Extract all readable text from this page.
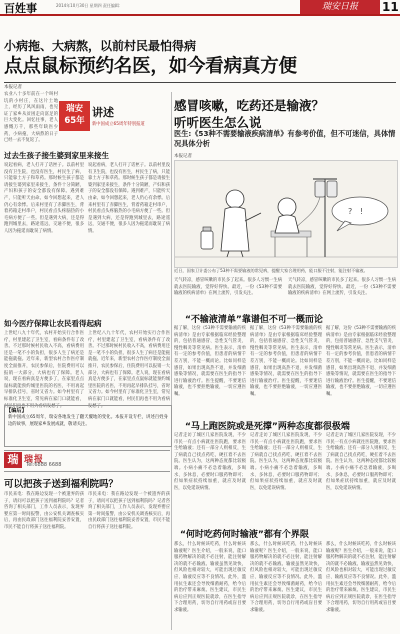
百姓事	2014年10月30日 星期四 责任编辑：	瑞安日报	11
小病拖、大病熬，以前村民最怕得病
点点鼠标预约名医，如今看病真方便
本报记者
农业八十多年前在一个叫村坑的小村庄，在这片土地上，经历了风风雨雨，也见证了家乡从贫困走向富足的巨大变化。回忆往事，老人感慨万千，那些年缺医少药，小病拖、大病熬的日子已经一去不复返了。
瑞安
65年
讲述
新中国成立65周年特别报道
过去生孩子接生婆到家里来接生
说起看病，老人打开了话匣子。以前村里没有卫生院，也没有医生，村民生了病，只能靠土方子和草药。那时候生孩子都是请接生婆到家里来接生，条件十分简陋，产妇和孩子的安全都没有保障。遇到难产，只能听天由命。如今回想起来，老人仍心有余悸。后来村里有了赤脚医生，背着药箱走村串户，村民看点头疼脑热的小毛病方便了一些。但是遇到大病，还是得跑到城里去，路途遥远，交通不便，很多人因为拖延而耽误了病情。
说起看病，老人打开了话匣子。以前村里没有卫生院，也没有医生，村民生了病，只能靠土方子和草药。那时候生孩子都是请接生婆到家里来接生，条件十分简陋，产妇和孩子的安全都没有保障。遇到难产，只能听天由命。如今回想起来，老人仍心有余悸。后来村里有了赤脚医生，背着药箱走村串户，村民看点头疼脑热的小毛病方便了一些。但是遇到大病，还是得跑到城里去，路途遥远，交通不便，很多人因为拖延而耽误了病情。
如今医疗保障让农民看得起病
上世纪八九十年代，农村开始实行合作医疗，村里建起了卫生室，看病条件有了改善。不过那时候村民收入不高，看病费用还是一笔不小的负担，很多人生了病还是能拖就拖。近年来，新型农村合作医疗制度全面推开，农民参保后，住院费用可以报销一大部分，大病也有了保障。老人说，现在看病真是方便多了，在家里点点鼠标就能预约城里医院的名医，不用再起早排队挂号，省时又省力。如今村里有了标准化卫生室，常见病在家门口就能看，村民们再也不用为看病发愁了。
上世纪八九十年代，农村开始实行合作医疗，村里建起了卫生室，看病条件有了改善。不过那时候村民收入不高，看病费用还是一笔不小的负担，很多人生了病还是能拖就拖。近年来，新型农村合作医疗制度全面推开，农民参保后，住院费用可以报销一大部分，大病也有了保障。老人说，现在看病真是方便多了，在家里点点鼠标就能预约城里医院的名医，不用再起早排队挂号，省时又省力。如今村里有了标准化卫生室，常见病在家门口就能看，村民们再也不用为看病发愁了。
【编后】
新中国成立65周年，瑞安各地发生了翻天覆地的变化。本报开设专栏，讲述百姓身边的故事，展现家乡发展成就，敬请关注。
瑞 瑞报
Tel:6888 6688
可以把孩子送到福利院吗？
市民来电：我在路边发现一个被遗弃的孩子，请问可以把孩子送到福利院吗？记者咨询了相关部门，工作人员表示，发现弃婴应第一时间报警，由公安机关调查核实后，再由民政部门送往福利院妥善安置，市民不能自行将孩子送往福利院。
市民来电：我在路边发现一个被遗弃的孩子，请问可以把孩子送到福利院吗？记者咨询了相关部门，工作人员表示，发现弃婴应第一时间报警，由公安机关调查核实后，再由民政部门送往福利院妥善安置，市民不能自行将孩子送往福利院。
感冒咳嗽，吃药还是输液？
听听医生怎么说
医生:《53种不需要输液疾病清单》有参考价值，但不可迷信，具体情况具体分析
本报记者
? !
近日，国家卫计委公布了53种不需要输液的常见病，提醒大家合理用药，能口服不注射，能注射不输液。
天气转凉，感冒咳嗽的市民多了起来。很多人习惯一生病就去医院输液，觉得好得快。最近，一份《53种不需要输液的疾病清单》在网上流传，引发关注。
天气转凉，感冒咳嗽的市民多了起来。很多人习惯一生病就去医院输液，觉得好得快。最近，一份《53种不需要输液的疾病清单》在网上流传，引发关注。
“不输液清单”靠谱但不可一概而论
据了解，这份《53种不需要输液的疾病清单》是由专家根据临床经验整理的，包括普通感冒、急性支气管炎、慢性咽炎等常见病。医生表示，清单有一定的参考价值，但患者的病情千差万别，不能一概而论。比如同样是感冒，如果出现高热不退、并发细菌感染等情况，就需要在医生的指导下进行输液治疗。医生提醒，不要迷信输液，也不要拒绝输液，一切应遵医嘱。
据了解，这份《53种不需要输液的疾病清单》是由专家根据临床经验整理的，包括普通感冒、急性支气管炎、慢性咽炎等常见病。医生表示，清单有一定的参考价值，但患者的病情千差万别，不能一概而论。比如同样是感冒，如果出现高热不退、并发细菌感染等情况，就需要在医生的指导下进行输液治疗。医生提醒，不要迷信输液，也不要拒绝输液，一切应遵医嘱。
据了解，这份《53种不需要输液的疾病清单》是由专家根据临床经验整理的，包括普通感冒、急性支气管炎、慢性咽炎等常见病。医生表示，清单有一定的参考价值，但患者的病情千差万别，不能一概而论。比如同样是感冒，如果出现高热不退、并发细菌感染等情况，就需要在医生的指导下进行输液治疗。医生提醒，不要迷信输液，也不要拒绝输液，一切应遵医嘱。
“马上跑医院或是死撑”两种态度都很极端
记者走访了城区几家医院发现，不少市民一有点小病就往医院跑，要求医生给输液；还有一部分人则相反，生了病就自己找点药吃，硬扛着不去医院。医生认为，这两种态度都比较极端。小病小痛不必急着输液，多喝水、多休息，必要时口服药物即可；但如果症状持续加重，就应及时就医，以免延误病情。
记者走访了城区几家医院发现，不少市民一有点小病就往医院跑，要求医生给输液；还有一部分人则相反，生了病就自己找点药吃，硬扛着不去医院。医生认为，这两种态度都比较极端。小病小痛不必急着输液，多喝水、多休息，必要时口服药物即可；但如果症状持续加重，就应及时就医，以免延误病情。
记者走访了城区几家医院发现，不少市民一有点小病就往医院跑，要求医生给输液；还有一部分人则相反，生了病就自己找点药吃，硬扛着不去医院。医生认为，这两种态度都比较极端。小病小痛不必急着输液，多喝水、多休息，必要时口服药物即可；但如果症状持续加重，就应及时就医，以免延误病情。
“何时吃药何时输液”都有个界限
那么，什么时候该吃药，什么时候该输液呢？医生介绍，一般来说，能口服药物解决的就不必注射，能注射解决的就不必输液。输液虽然见效快，但风险也相对较大，可能出现过敏反应、输液反应等不良情况。此外，滥用抗生素还会导致细菌耐药，给今后的治疗带来麻烦。医生建议，市民生病后应到正规医院就诊，在医生指导下合理用药，切勿自行用药或盲目要求输液。
那么，什么时候该吃药，什么时候该输液呢？医生介绍，一般来说，能口服药物解决的就不必注射，能注射解决的就不必输液。输液虽然见效快，但风险也相对较大，可能出现过敏反应、输液反应等不良情况。此外，滥用抗生素还会导致细菌耐药，给今后的治疗带来麻烦。医生建议，市民生病后应到正规医院就诊，在医生指导下合理用药，切勿自行用药或盲目要求输液。
那么，什么时候该吃药，什么时候该输液呢？医生介绍，一般来说，能口服药物解决的就不必注射，能注射解决的就不必输液。输液虽然见效快，但风险也相对较大，可能出现过敏反应、输液反应等不良情况。此外，滥用抗生素还会导致细菌耐药，给今后的治疗带来麻烦。医生建议，市民生病后应到正规医院就诊，在医生指导下合理用药，切勿自行用药或盲目要求输液。
